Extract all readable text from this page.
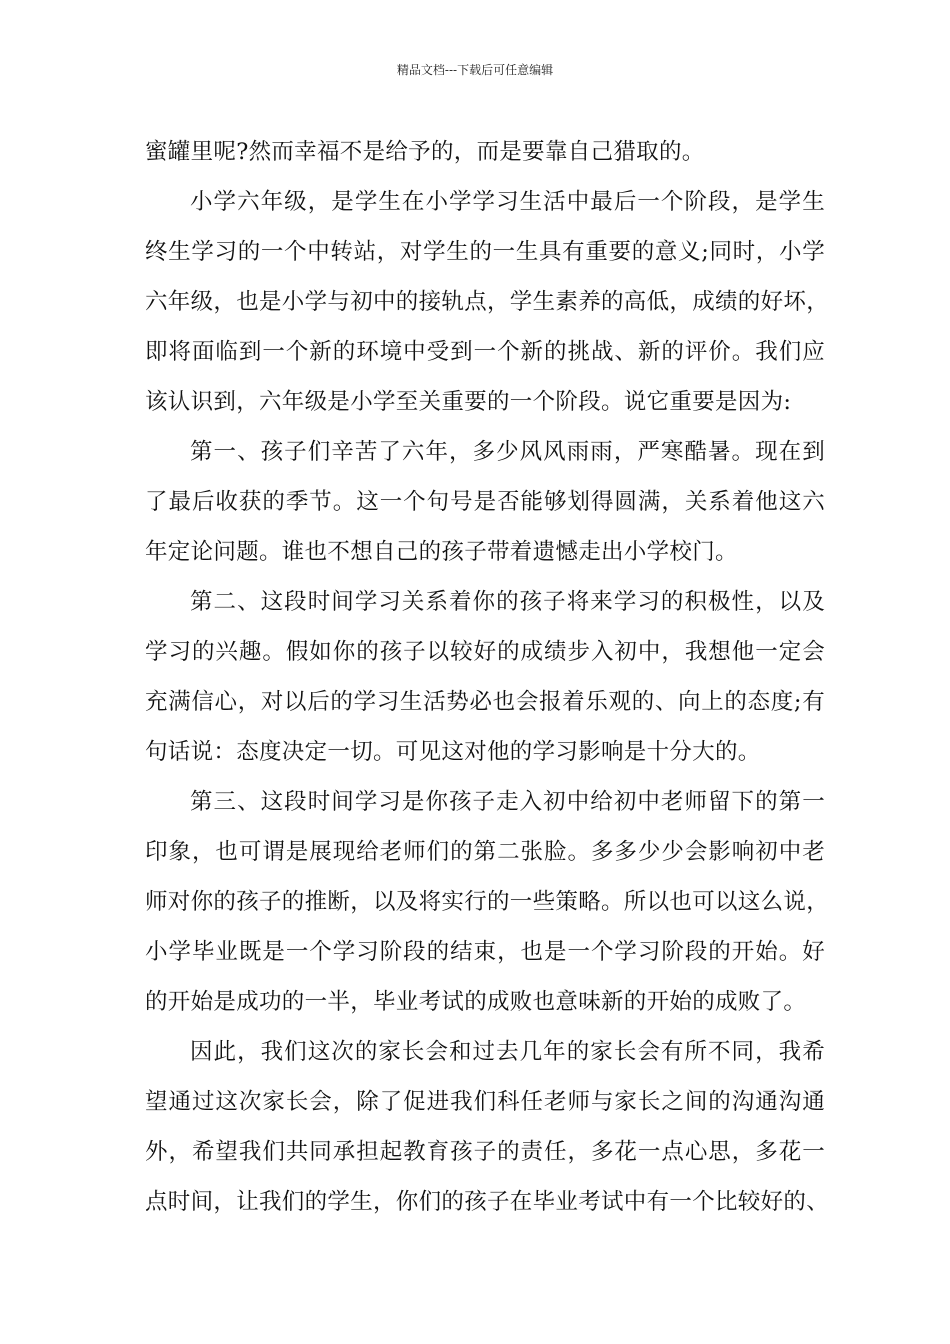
精品文档---下载后可任意编辑
蜜罐里呢?然而幸福不是给予的，而是要靠自己猎取的。
小学六年级，是学生在小学学习生活中最后一个阶段，是学生
终生学习的一个中转站，对学生的一生具有重要的意义;同时，小学
六年级，也是小学与初中的接轨点，学生素养的高低，成绩的好坏，
即将面临到一个新的环境中受到一个新的挑战、新的评价。我们应
该认识到，六年级是小学至关重要的一个阶段。说它重要是因为:
第一、孩子们辛苦了六年，多少风风雨雨，严寒酷暑。现在到
了最后收获的季节。这一个句号是否能够划得圆满，关系着他这六
年定论问题。谁也不想自己的孩子带着遗憾走出小学校门。
第二、这段时间学习关系着你的孩子将来学习的积极性，以及
学习的兴趣。假如你的孩子以较好的成绩步入初中，我想他一定会
充满信心，对以后的学习生活势必也会报着乐观的、向上的态度;有
句话说：态度决定一切。可见这对他的学习影响是十分大的。
第三、这段时间学习是你孩子走入初中给初中老师留下的第一
印象，也可谓是展现给老师们的第二张脸。多多少少会影响初中老
师对你的孩子的推断，以及将实行的一些策略。所以也可以这么说，
小学毕业既是一个学习阶段的结束，也是一个学习阶段的开始。好
的开始是成功的一半，毕业考试的成败也意味新的开始的成败了。
因此，我们这次的家长会和过去几年的家长会有所不同，我希
望通过这次家长会，除了促进我们科任老师与家长之间的沟通沟通
外，希望我们共同承担起教育孩子的责任，多花一点心思，多花一
点时间，让我们的学生，你们的孩子在毕业考试中有一个比较好的、
